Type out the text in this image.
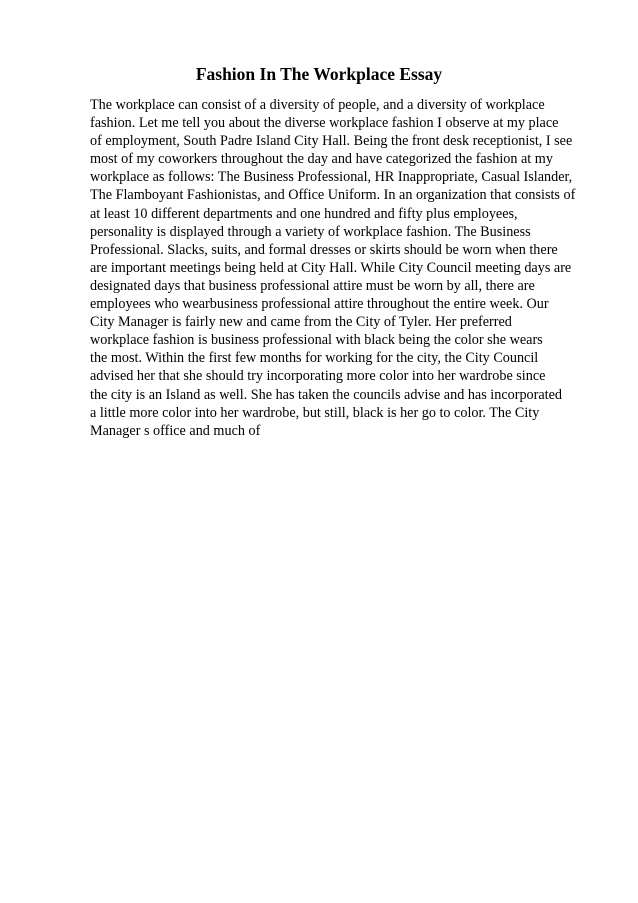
Fashion In The Workplace Essay
The workplace can consist of a diversity of people, and a diversity of workplace
fashion. Let me tell you about the diverse workplace fashion I observe at my place
of employment, South Padre Island City Hall. Being the front desk receptionist, I see
most of my coworkers throughout the day and have categorized the fashion at my
workplace as follows: The Business Professional, HR Inappropriate, Casual Islander,
The Flamboyant Fashionistas, and Office Uniform. In an organization that consists of
at least 10 different departments and one hundred and fifty plus employees,
personality is displayed through a variety of workplace fashion. The Business
Professional. Slacks, suits, and formal dresses or skirts should be worn when there
are important meetings being held at City Hall. While City Council meeting days are
designated days that business professional attire must be worn by all, there are
employees who wearbusiness professional attire throughout the entire week. Our
City Manager is fairly new and came from the City of Tyler. Her preferred
workplace fashion is business professional with black being the color she wears
the most. Within the first few months for working for the city, the City Council
advised her that she should try incorporating more color into her wardrobe since
the city is an Island as well. She has taken the councils advise and has incorporated
a little more color into her wardrobe, but still, black is her go to color. The City
Manager s office and much of
